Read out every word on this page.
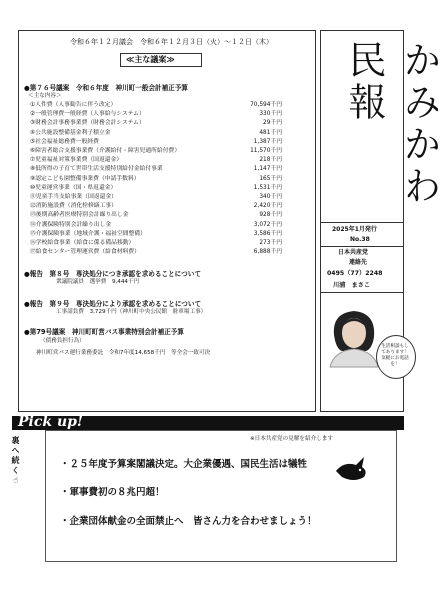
令和６年１２月議会　令和６年１２月３日（火）～１２日（木）
≪主な議案≫
●第７６号議案　令和６年度　神川町一般会計補正予算
＜主な内容＞
①人件費（人事勧告に伴う改定）	70,594千円
②一般管理費一般経費（人事給与システム）	330千円
③財務会計事務事業費（財務会計システム）	29千円
④公共施設整備基金利子積立金	481千円
⑤社会福祉総務費一般経費	1,387千円
⑥障害者総合支援事業費（介護給付・障害児通所給付費）	11,570千円
⑦児童福祉対策事業費（国返還金）	218千円
⑧低所得の子育て世帯生活支援特別給付金給付事業	1,147千円
⑨認定こども園整備事業費（申請手数料）	165千円
⑩児童運営事業（国・県返還金）	1,531千円
⑪児童手当支給事業（国返還金）	340千円
⑫消防施設費（消化栓修繕工事）	2,420千円
⑬後期高齢者医療特別会計繰り出し金	928千円
⑭介護保険特別会計繰り出し金	3,072千円
⑮介護保険事業（地域介護・福祉空間整備）	3,586千円
⑯学校給食事業（給食に係る備品移動）	273千円
⑰給食センター管理運営費（給食材料費）	6,888千円
●報告　第８号　専決処分につき承認を求めることについて
衆議院議員　選挙費　9,444千円
●報告　第９号　専決処分により承認を求めることについて
工事請負費　3,729千円（神川町中央公民館　駐車場工事）
●第79号議案　神川町町営バス事業特別会計補正予算
（債務負担行為）
神川町営バス運行業務委託　令和7年度14,658千円　等全会一致可決
かみかわ民報
2025年1月発行
No.38
日本共産党
連絡先
0495（77）2248
川浦　まさこ
生活相談もしてあります！ 気軽にお電話を！
Pick up!
※日本共産党の見解を紹介します
・２５年度予算案閣議決定。大企業優遇、国民生活は犠牲
・軍事費初の８兆円超！
・企業団体献金の全面禁止へ　皆さん力を合わせましょう！
裏へ続く☜
